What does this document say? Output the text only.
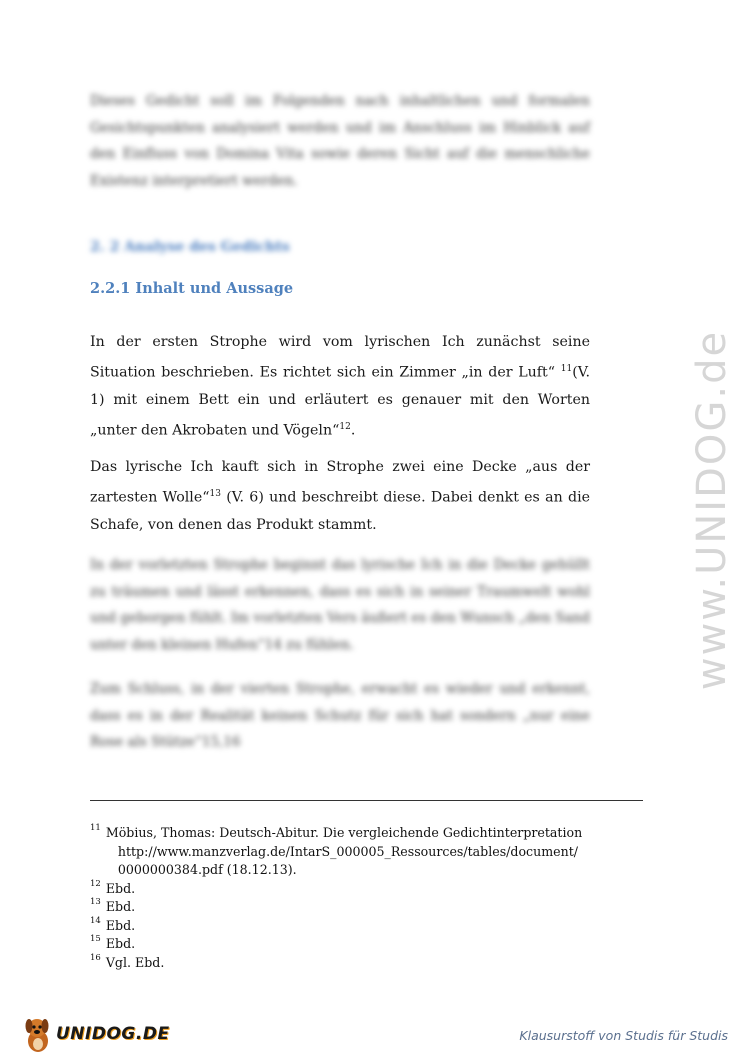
Dieses Gedicht soll im Folgenden nach inhaltlichen und formalen Gesichtspunkten analysiert werden und im Anschluss im Hinblick auf den Einfluss von Domina Vita sowie deren Sicht auf die menschliche Existenz interpretiert werden.
2. 2 Analyse des Gedichts
2.2.1 Inhalt und Aussage
In der ersten Strophe wird vom lyrischen Ich zunächst seine Situation beschrieben. Es richtet sich ein Zimmer „in der Luft“ $^{11}$(V. 1) mit einem Bett ein und erläutert es genauer mit den Worten „unter den Akrobaten und Vögeln“$^{12}$.
Das lyrische Ich kauft sich in Strophe zwei eine Decke „aus der zartesten Wolle“$^{13}$ (V. 6) und beschreibt diese. Dabei denkt es an die Schafe, von denen das Produkt stammt.
In der vorletzten Strophe beginnt das lyrische Ich in die Decke gehüllt zu träumen und lässt erkennen, dass es sich in seiner Traumwelt wohl und geborgen fühlt. Im vorletzten Vers äußert es den Wunsch „den Sand unter den kleinen Hufen“14 zu fühlen.
Zum Schluss, in der vierten Strophe, erwacht es wieder und erkennt, dass es in der Realität keinen Schutz für sich hat sondern „nur eine Rose als Stütze“15,16
11 Möbius, Thomas: Deutsch-Abitur. Die vergleichende Gedichtinterpretation
http://www.manzverlag.de/IntarS_000005_Ressources/tables/document/
0000000384.pdf (18.12.13).
12 Ebd.
13 Ebd.
14 Ebd.
15 Ebd.
16 Vgl. Ebd.
www.UNIDOG.de
UNIDOG.DE	Klausurstoff von Studis für Studis
